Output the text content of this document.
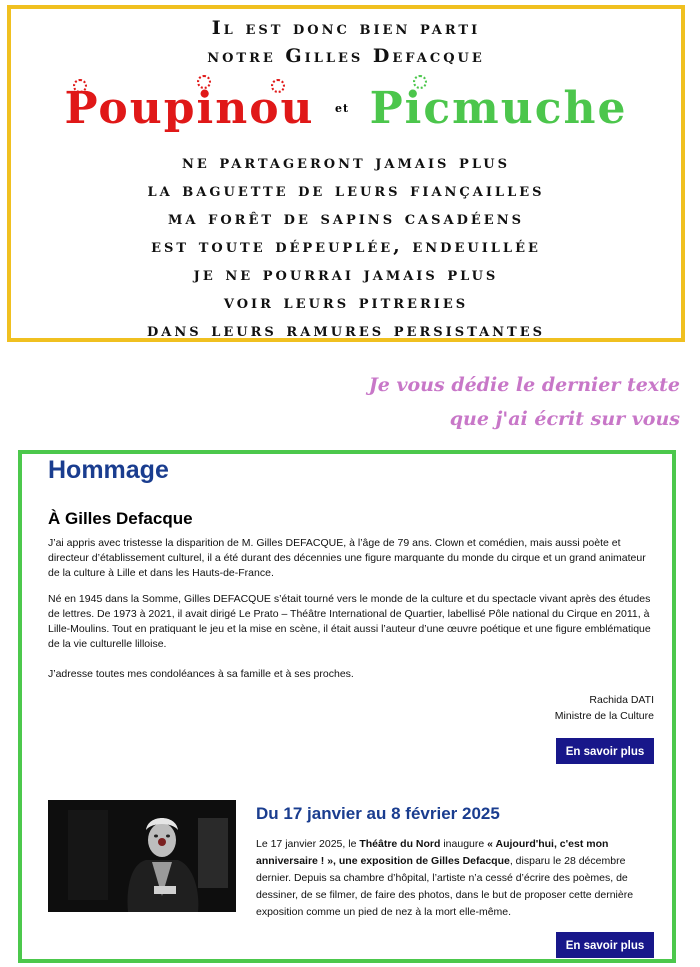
Il est donc bien parti
notre Gilles Defacque
Poupinou et Picmuche
ne partageront jamais plus
la baguette de leurs fiançailles
ma forêt de sapins casadéens
est toute dépeuplée, endeuillée
je ne pourrai jamais plus
voir leurs pitreries
dans leurs ramures persistantes
Je vous dédie le dernier texte
que j'ai écrit sur vous
Hommage
À Gilles Defacque
J’ai appris avec tristesse la disparition de M. Gilles DEFACQUE, à l’âge de 79 ans. Clown et comédien, mais aussi poète et directeur d’établissement culturel, il a été durant des décennies une figure marquante du monde du cirque et un grand animateur de la culture à Lille et dans les Hauts-de-France.
Né en 1945 dans la Somme, Gilles DEFACQUE s’était tourné vers le monde de la culture et du spectacle vivant après des études de lettres. De 1973 à 2021, il avait dirigé Le Prato – Théâtre International de Quartier, labellisé Pôle national du Cirque en 2011, à Lille-Moulins. Tout en pratiquant le jeu et la mise en scène, il était aussi l’auteur d’une œuvre poétique et une figure emblématique de la vie culturelle lilloise.
J’adresse toutes mes condoléances à sa famille et à ses proches.
Rachida DATI
Ministre de la Culture
En savoir plus
Du 17 janvier au 8 février 2025
Le 17 janvier 2025, le Théâtre du Nord inaugure « Aujourd'hui, c'est mon anniversaire ! », une exposition de Gilles Defacque, disparu le 28 décembre dernier. Depuis sa chambre d’hôpital, l’artiste n’a cessé d’écrire des poèmes, de dessiner, de se filmer, de faire des photos, dans le but de proposer cette dernière exposition comme un pied de nez à la mort elle-même.
En savoir plus
